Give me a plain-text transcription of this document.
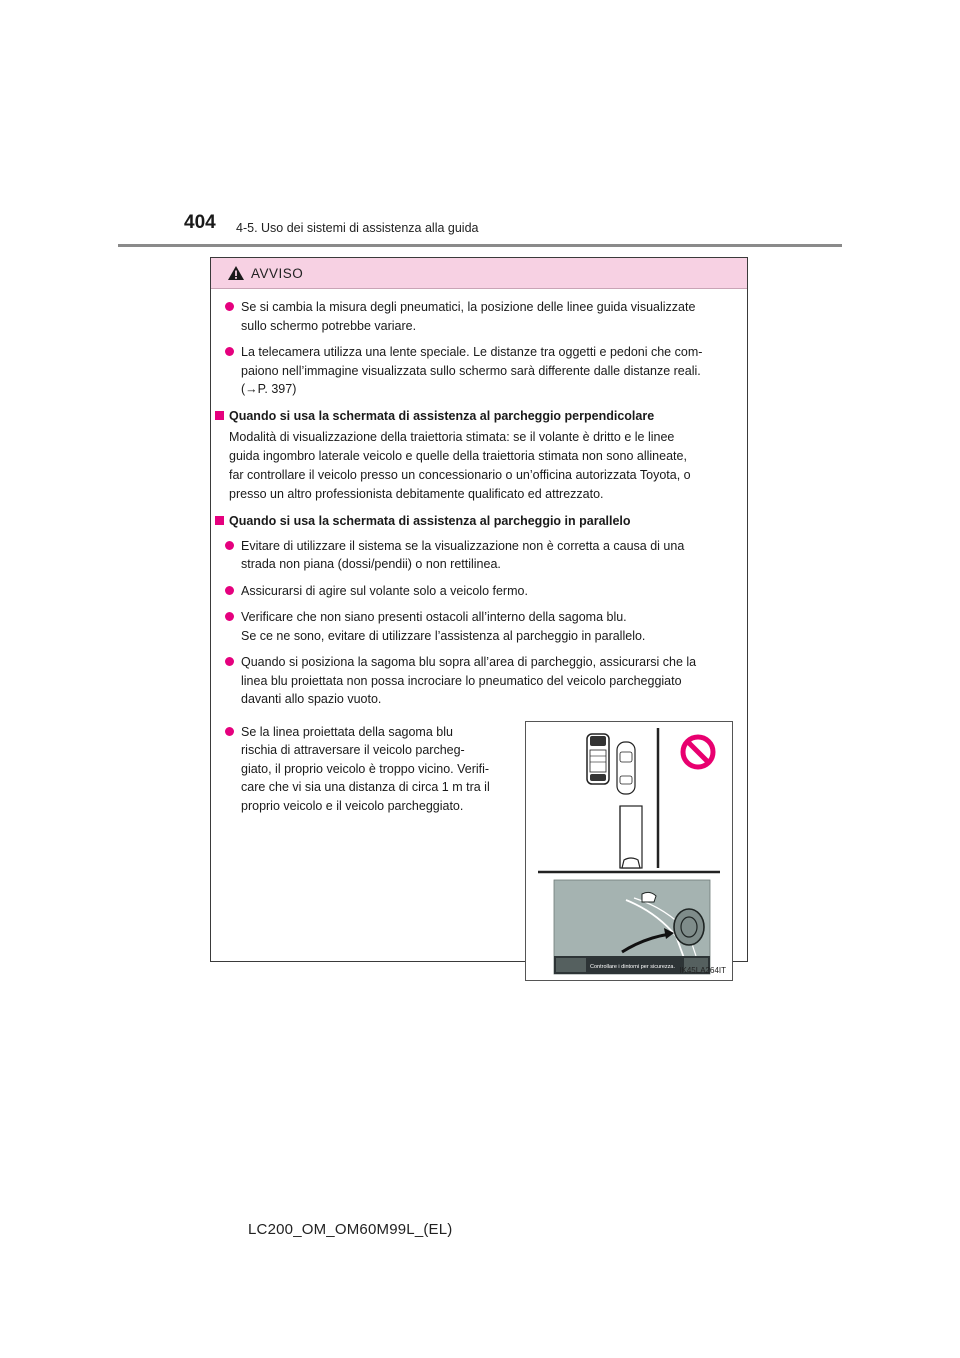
404 4-5. Uso dei sistemi di assistenza alla guida
AVVISO
Se si cambia la misura degli pneumatici, la posizione delle linee guida visualizzate
sullo schermo potrebbe variare.
La telecamera utilizza una lente speciale. Le distanze tra oggetti e pedoni che com-
paiono nell’immagine visualizzata sullo schermo sarà differente dalle distanze reali.
(→P. 397)
Quando si usa la schermata di assistenza al parcheggio perpendicolare
Modalità di visualizzazione della traiettoria stimata: se il volante è dritto e le linee
guida ingombro laterale veicolo e quelle della traiettoria stimata non sono allineate,
far controllare il veicolo presso un concessionario o un’officina autorizzata Toyota, o
presso un altro professionista debitamente qualificato ed attrezzato.
Quando si usa la schermata di assistenza al parcheggio in parallelo
Evitare di utilizzare il sistema se la visualizzazione non è corretta a causa di una
strada non piana (dossi/pendii) o non rettilinea.
Assicurarsi di agire sul volante solo a veicolo fermo.
Verificare che non siano presenti ostacoli all’interno della sagoma blu.
Se ce ne sono, evitare di utilizzare l’assistenza al parcheggio in parallelo.
Quando si posiziona la sagoma blu sopra all’area di parcheggio, assicurarsi che la
linea blu proiettata non possa incrociare lo pneumatico del veicolo parcheggiato
davanti allo spazio vuoto.
Se la linea proiettata della sagoma blu
rischia di attraversare il veicolo parcheg-
giato, il proprio veicolo è troppo vicino. Verifi-
care che vi sia una distanza di circa 1 m tra il
proprio veicolo e il veicolo parcheggiato.
Controllare i dintorni per sicurezza. IK45LA264IT
LC200_OM_OM60M99L_(EL)
